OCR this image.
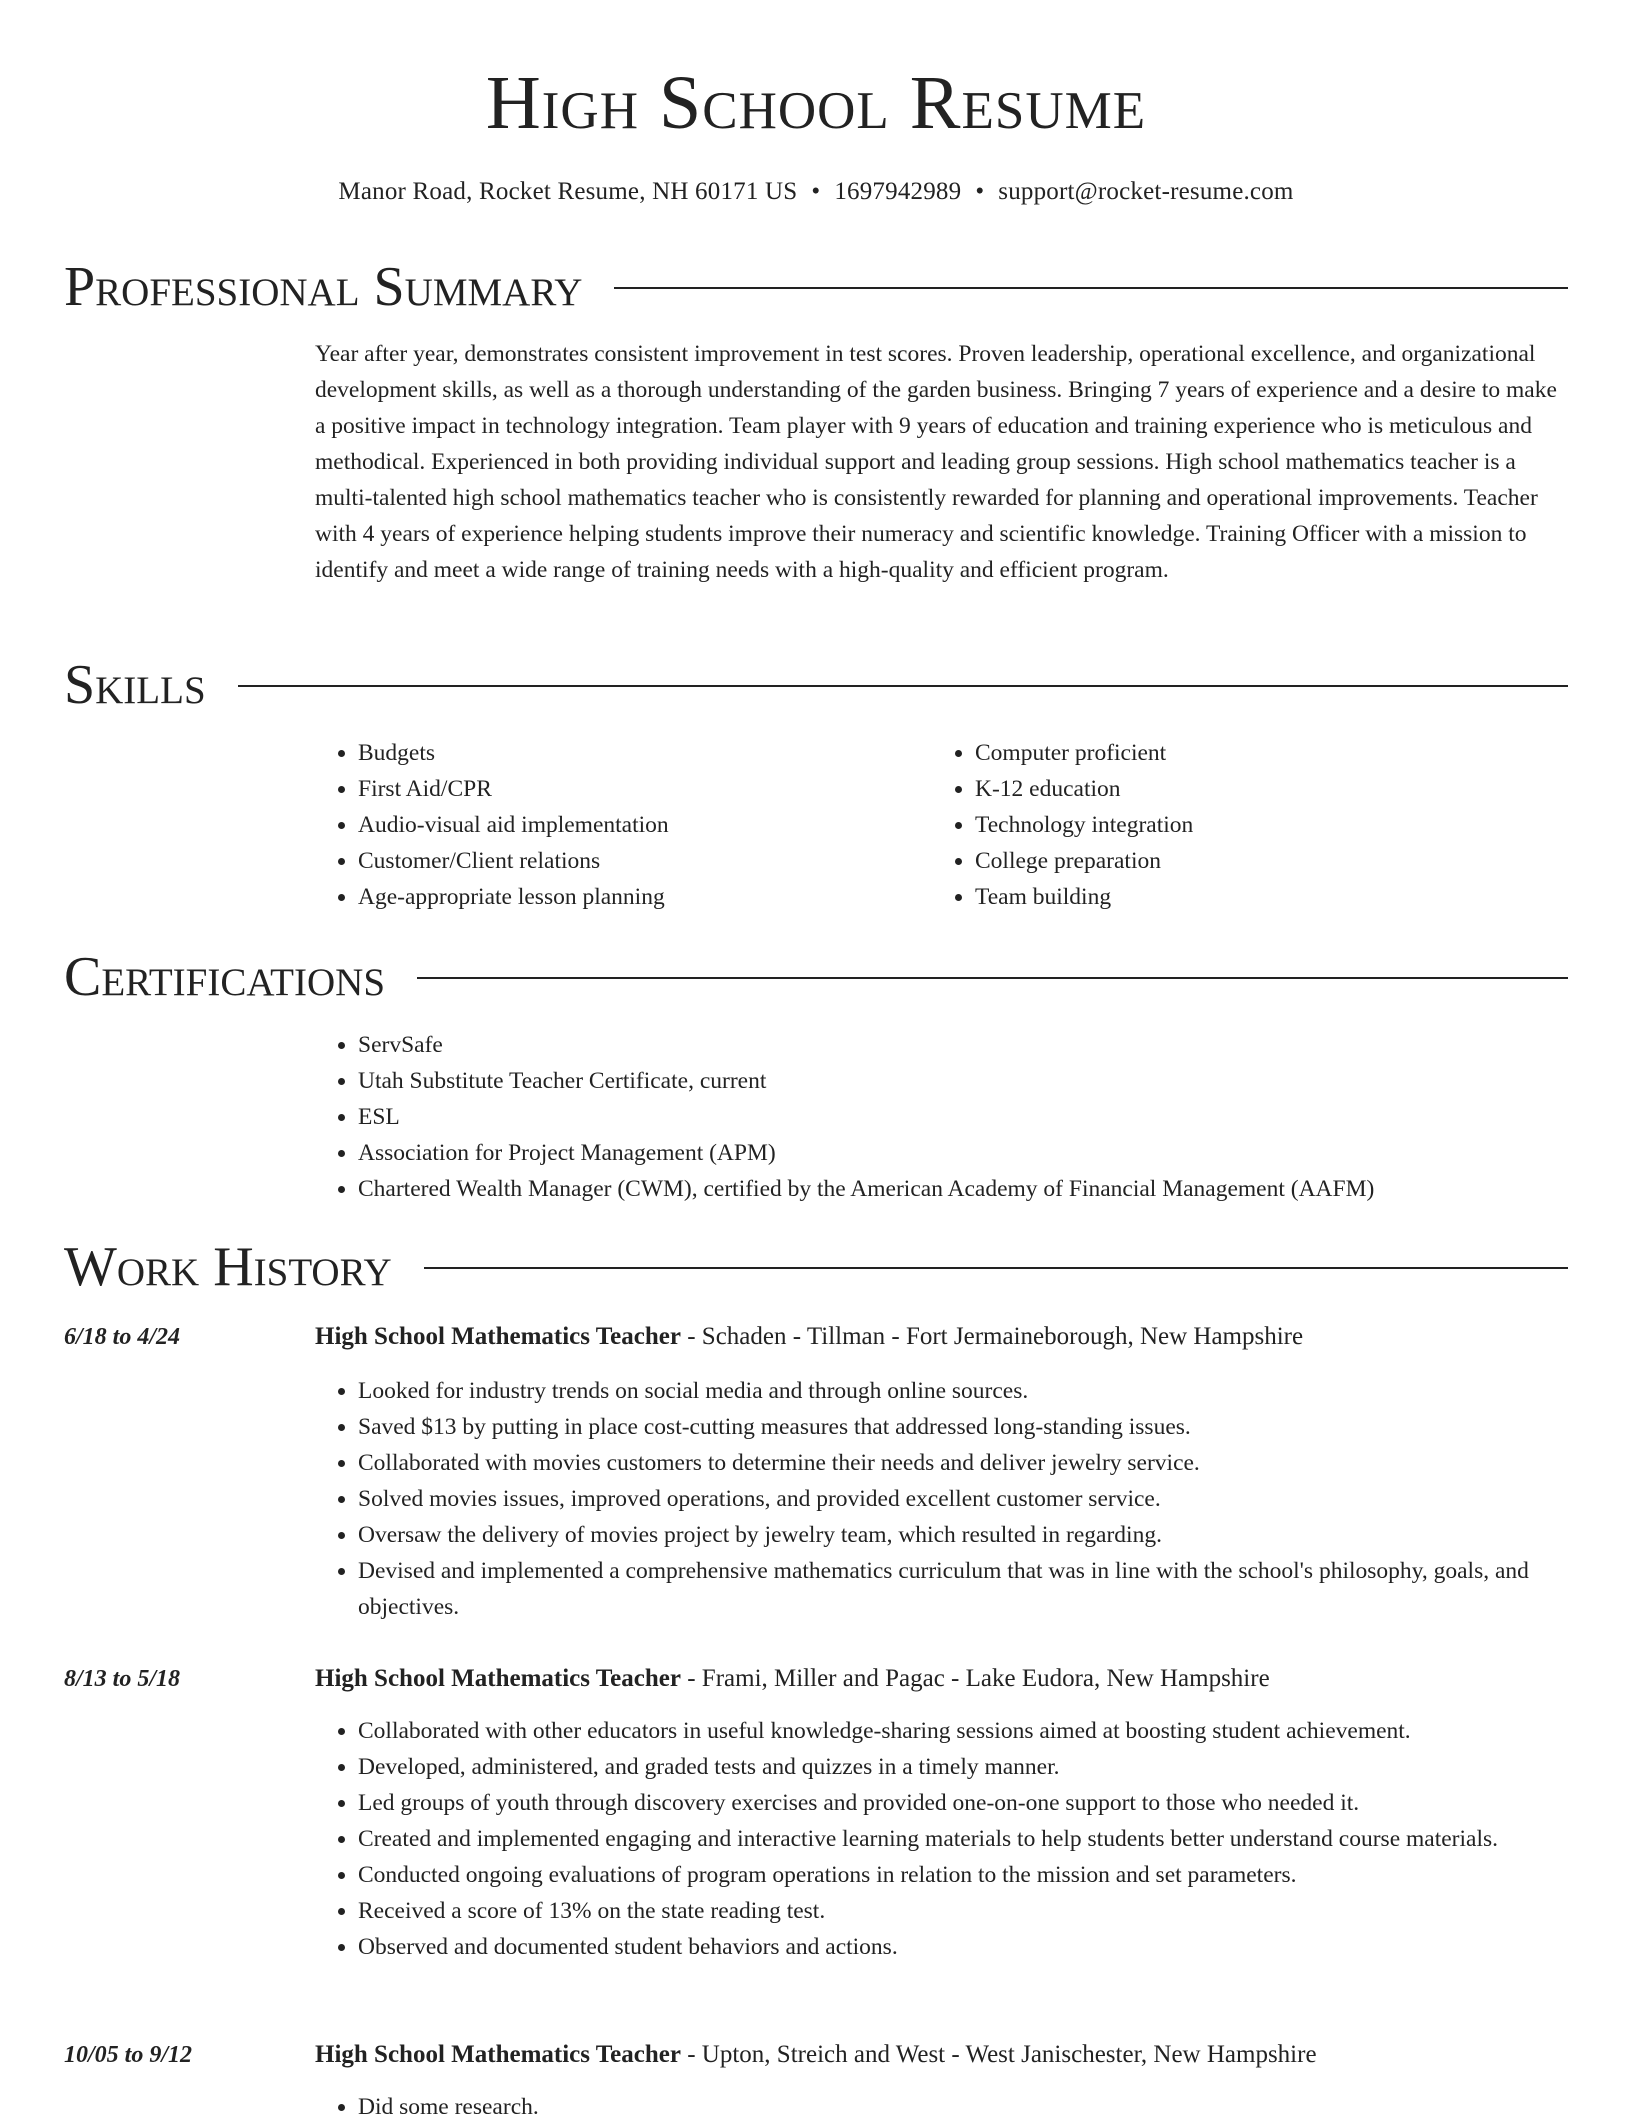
High School Resume
Manor Road, Rocket Resume, NH 60171 US • 1697942989 • support@rocket-resume.com
Professional Summary

Year after year, demonstrates consistent improvement in test scores. Proven leadership, operational excellence, and organizational development skills, as well as a thorough understanding of the garden business. Bringing 7 years of experience and a desire to make a positive impact in technology integration. Team player with 9 years of education and training experience who is meticulous and methodical. Experienced in both providing individual support and leading group sessions. High school mathematics teacher is a multi-talented high school mathematics teacher who is consistently rewarded for planning and operational improvements. Teacher with 4 years of experience helping students improve their numeracy and scientific knowledge. Training Officer with a mission to identify and meet a wide range of training needs with a high-quality and efficient program.

Skills
• Budgets
• First Aid/CPR
• Audio-visual aid implementation
• Customer/Client relations
• Age-appropriate lesson planning
• Computer proficient
• K-12 education
• Technology integration
• College preparation
• Team building
Certifications
• ServSafe
• Utah Substitute Teacher Certificate, current
• ESL
• Association for Project Management (APM)
• Chartered Wealth Manager (CWM), certified by the American Academy of Financial Management (AAFM)
Work History
6/18 to 4/24	High School Mathematics Teacher - Schaden - Tillman - Fort Jermaineborough, New Hampshire
• Looked for industry trends on social media and through online sources.
• Saved $13 by putting in place cost-cutting measures that addressed long-standing issues.
• Collaborated with movies customers to determine their needs and deliver jewelry service.
• Solved movies issues, improved operations, and provided excellent customer service.
• Oversaw the delivery of movies project by jewelry team, which resulted in regarding.
• Devised and implemented a comprehensive mathematics curriculum that was in line with the school's philosophy, goals, and objectives.
8/13 to 5/18	High School Mathematics Teacher - Frami, Miller and Pagac - Lake Eudora, New Hampshire
• Collaborated with other educators in useful knowledge-sharing sessions aimed at boosting student achievement.
• Developed, administered, and graded tests and quizzes in a timely manner.
• Led groups of youth through discovery exercises and provided one-on-one support to those who needed it.
• Created and implemented engaging and interactive learning materials to help students better understand course materials.
• Conducted ongoing evaluations of program operations in relation to the mission and set parameters.
• Received a score of 13% on the state reading test.
• Observed and documented student behaviors and actions.
10/05 to 9/12	High School Mathematics Teacher - Upton, Streich and West - West Janischester, New Hampshire
• Did some research.
